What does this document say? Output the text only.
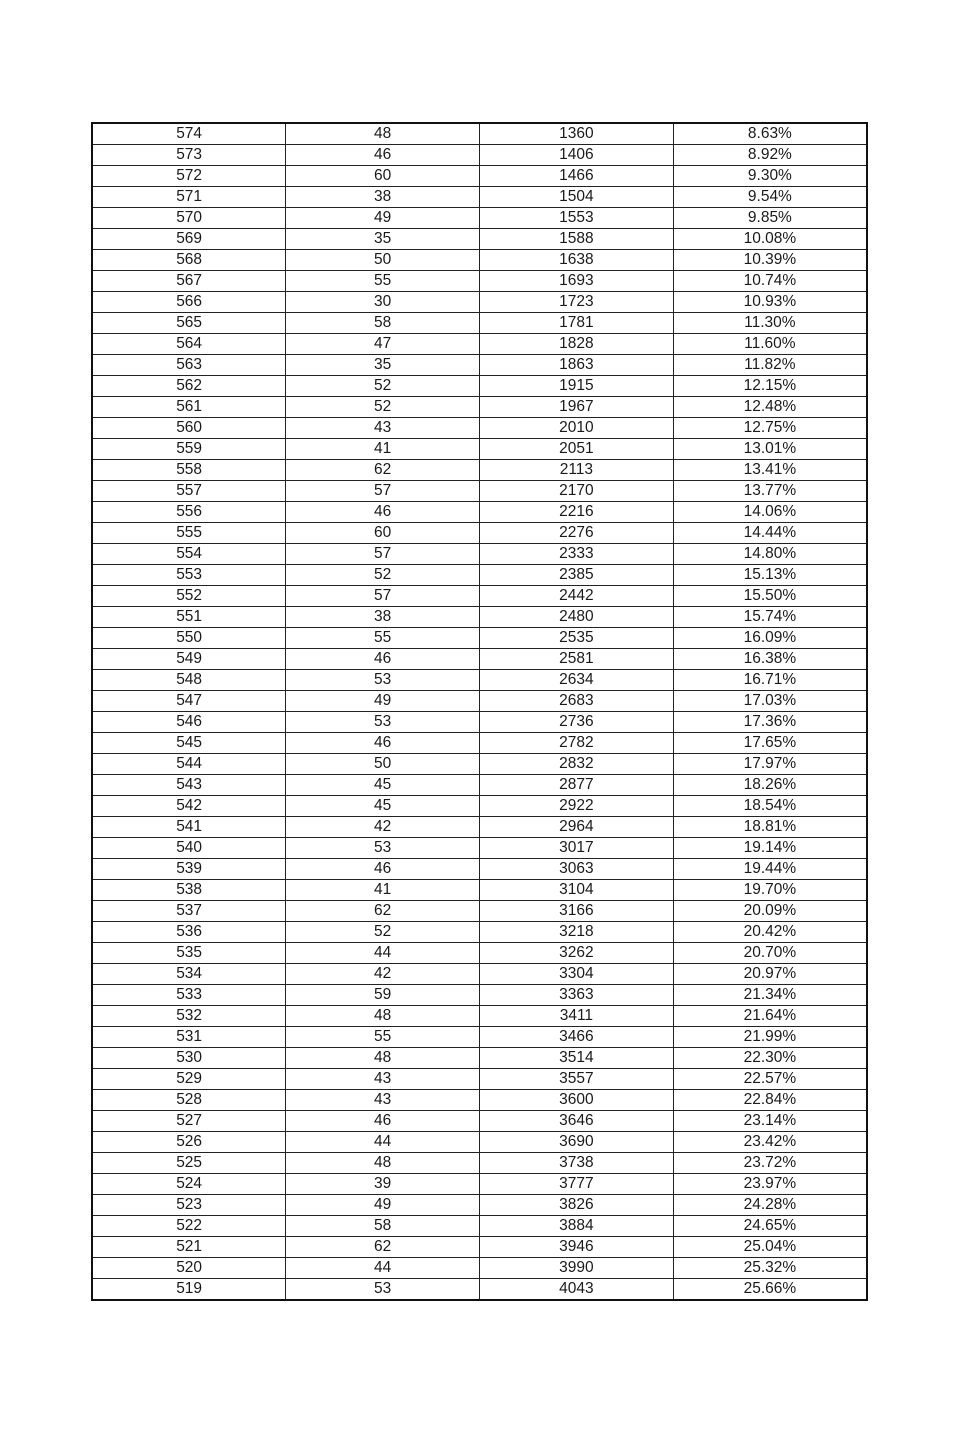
574	48	1360	8.63%
573	46	1406	8.92%
572	60	1466	9.30%
571	38	1504	9.54%
570	49	1553	9.85%
569	35	1588	10.08%
568	50	1638	10.39%
567	55	1693	10.74%
566	30	1723	10.93%
565	58	1781	11.30%
564	47	1828	11.60%
563	35	1863	11.82%
562	52	1915	12.15%
561	52	1967	12.48%
560	43	2010	12.75%
559	41	2051	13.01%
558	62	2113	13.41%
557	57	2170	13.77%
556	46	2216	14.06%
555	60	2276	14.44%
554	57	2333	14.80%
553	52	2385	15.13%
552	57	2442	15.50%
551	38	2480	15.74%
550	55	2535	16.09%
549	46	2581	16.38%
548	53	2634	16.71%
547	49	2683	17.03%
546	53	2736	17.36%
545	46	2782	17.65%
544	50	2832	17.97%
543	45	2877	18.26%
542	45	2922	18.54%
541	42	2964	18.81%
540	53	3017	19.14%
539	46	3063	19.44%
538	41	3104	19.70%
537	62	3166	20.09%
536	52	3218	20.42%
535	44	3262	20.70%
534	42	3304	20.97%
533	59	3363	21.34%
532	48	3411	21.64%
531	55	3466	21.99%
530	48	3514	22.30%
529	43	3557	22.57%
528	43	3600	22.84%
527	46	3646	23.14%
526	44	3690	23.42%
525	48	3738	23.72%
524	39	3777	23.97%
523	49	3826	24.28%
522	58	3884	24.65%
521	62	3946	25.04%
520	44	3990	25.32%
519	53	4043	25.66%
